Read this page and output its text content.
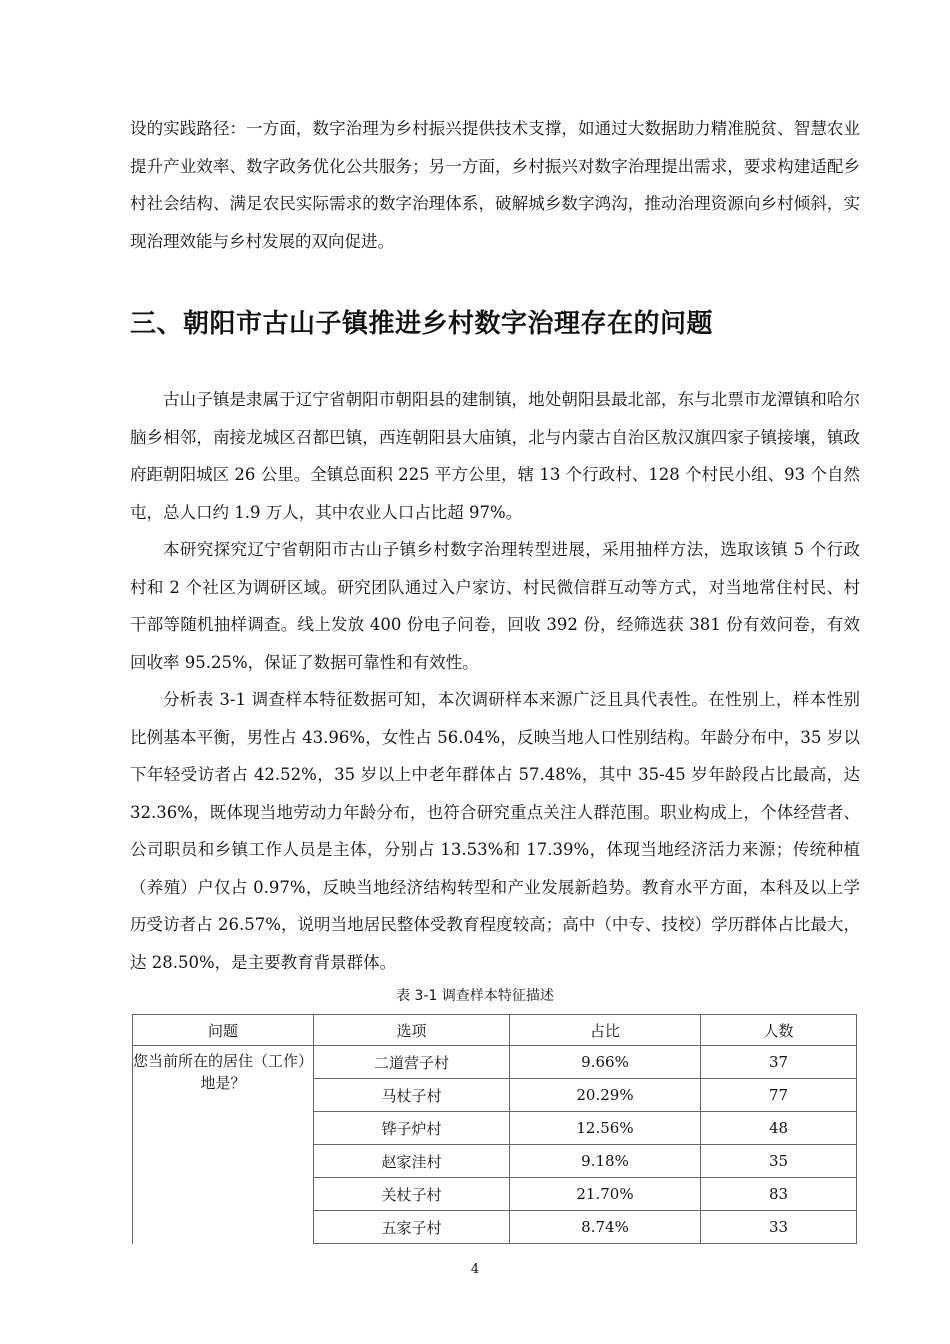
设的实践路径：一方面，数字治理为乡村振兴提供技术支撑，如通过大数据助力精准脱贫、智慧农业提升产业效率、数字政务优化公共服务；另一方面，乡村振兴对数字治理提出需求，要求构建适配乡村社会结构、满足农民实际需求的数字治理体系，破解城乡数字鸿沟，推动治理资源向乡村倾斜，实现治理效能与乡村发展的双向促进。

三、朝阳市古山子镇推进乡村数字治理存在的问题

古山子镇是隶属于辽宁省朝阳市朝阳县的建制镇，地处朝阳县最北部，东与北票市龙潭镇和哈尔脑乡相邻，南接龙城区召都巴镇，西连朝阳县大庙镇，北与内蒙古自治区敖汉旗四家子镇接壤，镇政府距朝阳城区 26 公里。全镇总面积 225 平方公里，辖 13 个行政村、128 个村民小组、93 个自然屯，总人口约 1.9 万人，其中农业人口占比超 97%。

本研究探究辽宁省朝阳市古山子镇乡村数字治理转型进展，采用抽样方法，选取该镇 5 个行政村和 2 个社区为调研区域。研究团队通过入户家访、村民微信群互动等方式，对当地常住村民、村干部等随机抽样调查。线上发放 400 份电子问卷，回收 392 份，经筛选获 381 份有效问卷，有效回收率 95.25%，保证了数据可靠性和有效性。

分析表 3-1 调查样本特征数据可知，本次调研样本来源广泛且具代表性。在性别上，样本性别比例基本平衡，男性占 43.96%，女性占 56.04%，反映当地人口性别结构。年龄分布中，35 岁以下年轻受访者占 42.52%，35 岁以上中老年群体占 57.48%，其中 35-45 岁年龄段占比最高，达 32.36%，既体现当地劳动力年龄分布，也符合研究重点关注人群范围。职业构成上，个体经营者、公司职员和乡镇工作人员是主体，分别占 13.53%和 17.39%，体现当地经济活力来源；传统种植（养殖）户仅占 0.97%，反映当地经济结构转型和产业发展新趋势。教育水平方面，本科及以上学历受访者占 26.57%，说明当地居民整体受教育程度较高；高中（中专、技校）学历群体占比最大，达 28.50%，是主要教育背景群体。

表 3-1 调查样本特征描述
问题	选项	占比	人数
您当前所在的居住（工作）地是？	二道营子村	9.66%	37
	马杖子村	20.29%	77
	铧子炉村	12.56%	48
	赵家洼村	9.18%	35
	关杖子村	21.70%	83
	五家子村	8.74%	33
4
